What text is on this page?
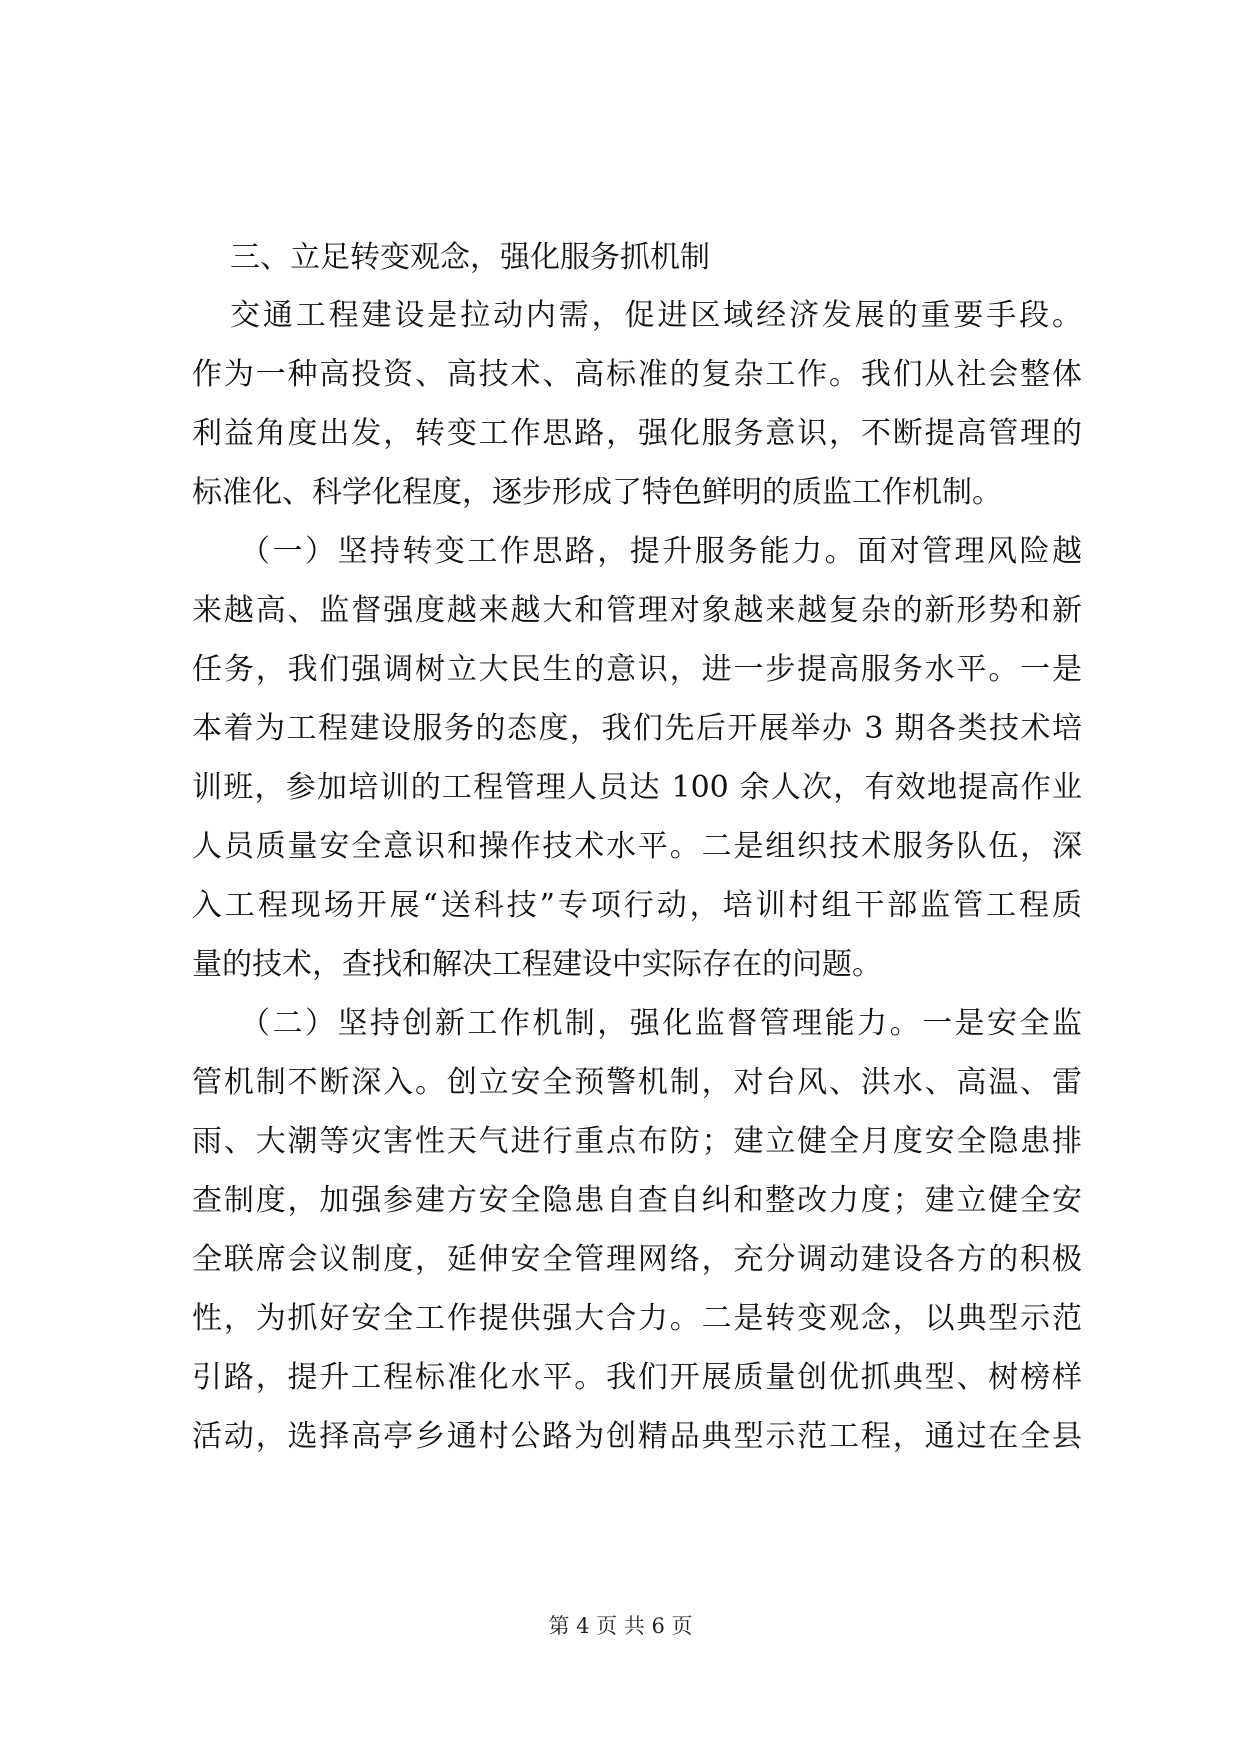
三、立足转变观念，强化服务抓机制
交通工程建设是拉动内需，促进区域经济发展的重要手段。
作为一种高投资、高技术、高标准的复杂工作。我们从社会整体
利益角度出发，转变工作思路，强化服务意识，不断提高管理的
标准化、科学化程度，逐步形成了特色鲜明的质监工作机制。
（一）坚持转变工作思路，提升服务能力。面对管理风险越
来越高、监督强度越来越大和管理对象越来越复杂的新形势和新
任务，我们强调树立大民生的意识，进一步提高服务水平。一是
本着为工程建设服务的态度，我们先后开展举办 3 期各类技术培
训班，参加培训的工程管理人员达 100 余人次，有效地提高作业
人员质量安全意识和操作技术水平。二是组织技术服务队伍，深
入工程现场开展“送科技”专项行动，培训村组干部监管工程质
量的技术，查找和解决工程建设中实际存在的问题。
（二）坚持创新工作机制，强化监督管理能力。一是安全监
管机制不断深入。创立安全预警机制，对台风、洪水、高温、雷
雨、大潮等灾害性天气进行重点布防；建立健全月度安全隐患排
查制度，加强参建方安全隐患自查自纠和整改力度；建立健全安
全联席会议制度，延伸安全管理网络，充分调动建设各方的积极
性，为抓好安全工作提供强大合力。二是转变观念，以典型示范
引路，提升工程标准化水平。我们开展质量创优抓典型、树榜样
活动，选择高亭乡通村公路为创精品典型示范工程，通过在全县
第 4 页 共 6 页
